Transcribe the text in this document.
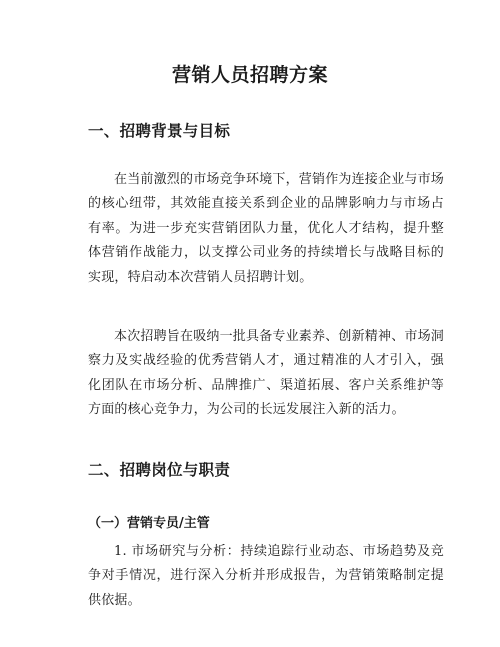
营销人员招聘方案
一、招聘背景与目标
在当前激烈的市场竞争环境下，营销作为连接企业与市场的核心纽带，其效能直接关系到企业的品牌影响力与市场占有率。为进一步充实营销团队力量，优化人才结构，提升整体营销作战能力，以支撑公司业务的持续增长与战略目标的实现，特启动本次营销人员招聘计划。
本次招聘旨在吸纳一批具备专业素养、创新精神、市场洞察力及实战经验的优秀营销人才，通过精准的人才引入，强化团队在市场分析、品牌推广、渠道拓展、客户关系维护等方面的核心竞争力，为公司的长远发展注入新的活力。
二、招聘岗位与职责
（一）营销专员/主管
1. 市场研究与分析：持续追踪行业动态、市场趋势及竞争对手情况，进行深入分析并形成报告，为营销策略制定提供依据。
